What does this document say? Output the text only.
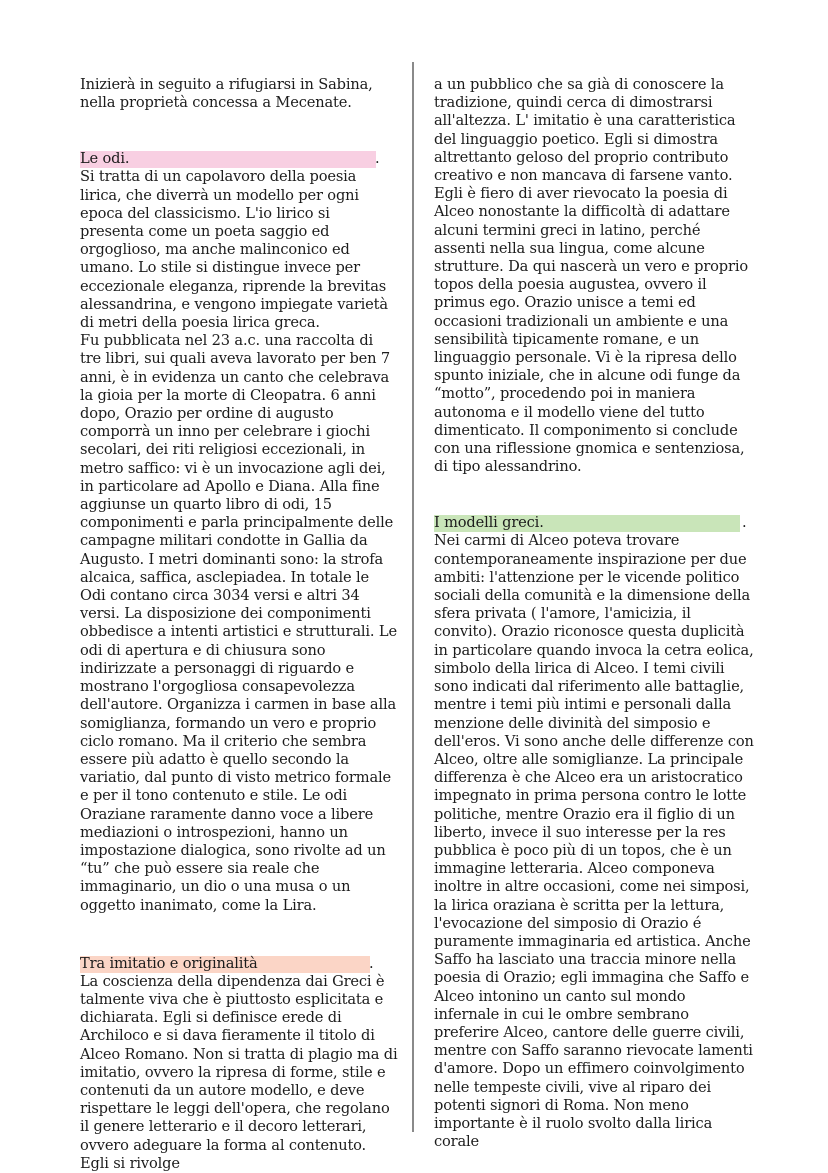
Inizierà in seguito a rifugiarsi in Sabina, nella proprietà concessa a Mecenate.

Le odi.	.

Si tratta di un capolavoro della poesia lirica, che diverrà un modello per ogni epoca del classicismo. L'io lirico si presenta come un poeta saggio ed orgoglioso, ma anche malinconico ed umano. Lo stile si distingue invece per eccezionale eleganza, riprende la brevitas alessandrina, e vengono impiegate varietà di metri della poesia lirica greca.

Fu pubblicata nel 23 a.c. una raccolta di tre libri, sui quali aveva lavorato per ben 7 anni, è in evidenza un canto che celebrava la gioia per la morte di Cleopatra. 6 anni dopo, Orazio per ordine di augusto comporrà un inno per celebrare i giochi secolari, dei riti religiosi eccezionali, in metro saffico: vi è un invocazione agli dei, in particolare ad Apollo e Diana. Alla fine aggiunse un quarto libro di odi, 15 componimenti e parla principalmente delle campagne militari condotte in Gallia da Augusto. I metri dominanti sono: la strofa alcaica, saffica, asclepiadea. In totale le Odi contano circa 3034 versi e altri 34 versi. La disposizione dei componimenti obbedisce a intenti artistici e strutturali. Le odi di apertura e di chiusura sono indirizzate a personaggi di riguardo e mostrano l'orgogliosa consapevolezza dell'autore. Organizza i carmen in base alla somiglianza, formando un vero e proprio ciclo romano. Ma il criterio che sembra essere più adatto è quello secondo la variatio, dal punto di visto metrico formale e per il tono contenuto e stile. Le odi Oraziane raramente danno voce a libere mediazioni o introspezioni, hanno un impostazione dialogica, sono rivolte ad un “tu” che può essere sia reale che immaginario, un dio o una musa o un oggetto inanimato, come la Lira.

Tra imitatio e originalità	.

La coscienza della dipendenza dai Greci è talmente viva che è piuttosto esplicitata e dichiarata. Egli si definisce erede di Archiloco e si dava fieramente il titolo di Alceo Romano. Non si tratta di plagio ma di imitatio, ovvero la ripresa di forme, stile e contenuti da un autore modello, e deve rispettare le leggi dell'opera, che regolano il genere letterario e il decoro letterari, ovvero adeguare la forma al contenuto. Egli si rivolge

a un pubblico che sa già di conoscere la tradizione, quindi cerca di dimostrarsi all'altezza. L' imitatio è una caratteristica del linguaggio poetico. Egli si dimostra altrettanto geloso del proprio contributo creativo e non mancava di farsene vanto. Egli è fiero di aver rievocato la poesia di Alceo nonostante la difficoltà di adattare alcuni termini greci in latino, perché assenti nella sua lingua, come alcune strutture. Da qui nascerà un vero e proprio topos della poesia augustea, ovvero il primus ego. Orazio unisce a temi ed occasioni tradizionali un ambiente e una sensibilità tipicamente romane, e un linguaggio personale. Vi è la ripresa dello spunto iniziale, che in alcune odi funge da “motto”, procedendo poi in maniera autonoma e il modello viene del tutto dimenticato. Il componimento si conclude con una riflessione gnomica e sentenziosa, di tipo alessandrino.

I modelli greci.	.

Nei carmi di Alceo poteva trovare contemporaneamente inspirazione per due ambiti: l'attenzione per le vicende politico sociali della comunità e la dimensione della sfera privata ( l'amore, l'amicizia, il convito). Orazio riconosce questa duplicità in particolare quando invoca la cetra eolica, simbolo della lirica di Alceo. I temi civili sono indicati dal riferimento alle battaglie, mentre i temi più intimi e personali dalla menzione delle divinità del simposio e dell'eros. Vi sono anche delle differenze con Alceo, oltre alle somiglianze. La principale differenza è che Alceo era un aristocratico impegnato in prima persona contro le lotte politiche, mentre Orazio era il figlio di un liberto, invece il suo interesse per la res pubblica è poco più di un topos, che è un immagine letteraria. Alceo componeva inoltre in altre occasioni, come nei simposi, la lirica oraziana è scritta per la lettura, l'evocazione del simposio di Orazio é puramente immaginaria ed artistica. Anche Saffo ha lasciato una traccia minore nella poesia di Orazio; egli immagina che Saffo e Alceo intonino un canto sul mondo infernale in cui le ombre sembrano preferire Alceo, cantore delle guerre civili, mentre con Saffo saranno rievocate lamenti d'amore. Dopo un effimero coinvolgimento nelle tempeste civili, vive al riparo dei potenti signori di Roma. Non meno importante è il ruolo svolto dalla lirica corale
